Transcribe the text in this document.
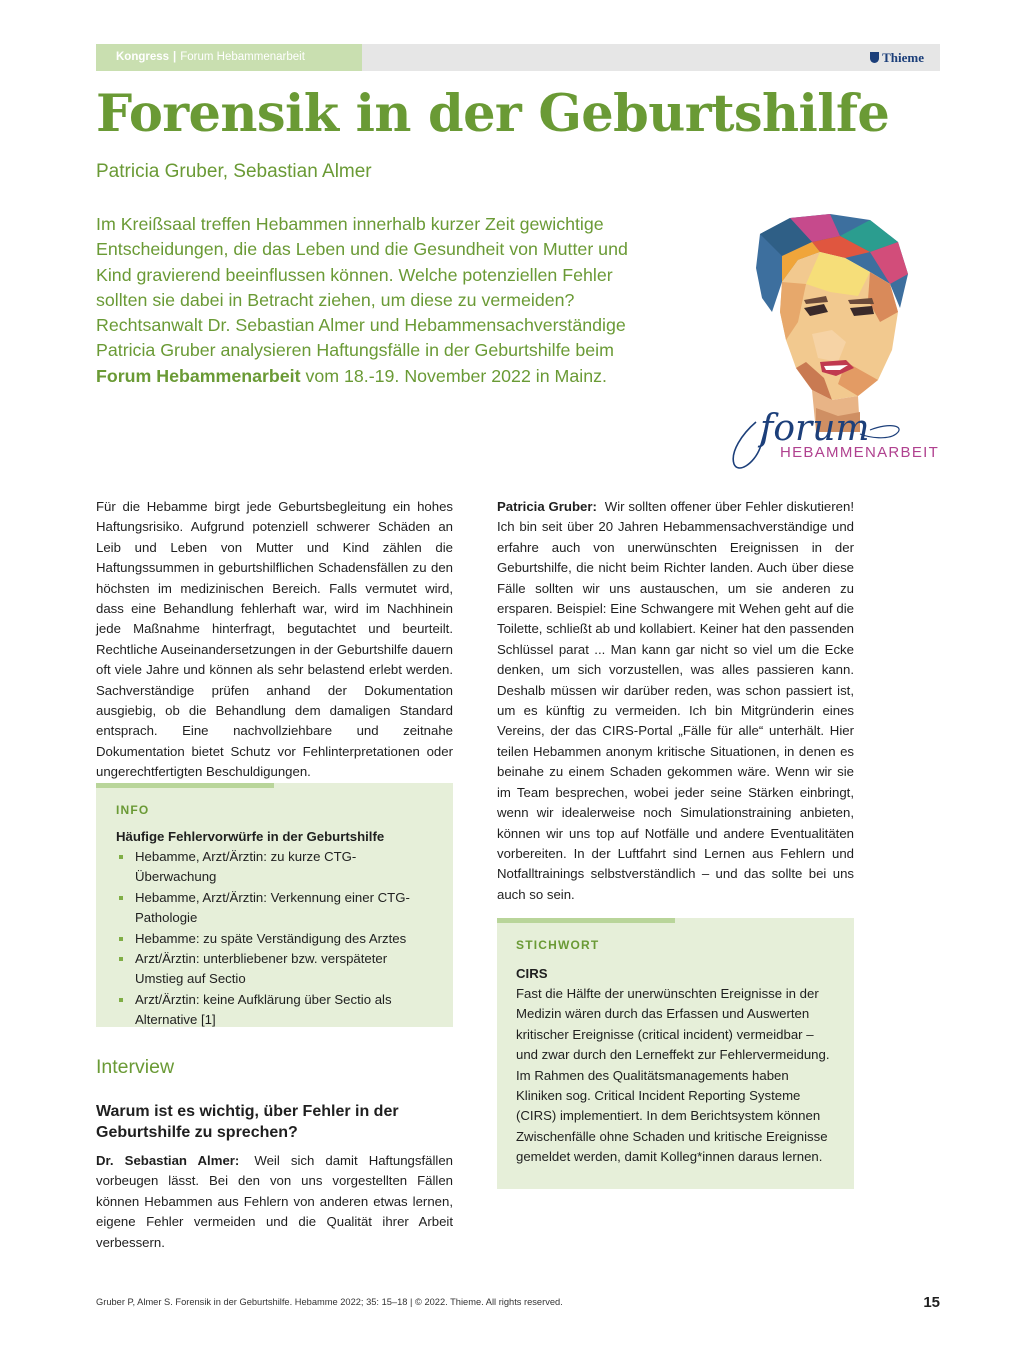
Kongress | Forum Hebammenarbeit	Thieme
Forensik in der Geburtshilfe
Patricia Gruber, Sebastian Almer

Im Kreißsaal treffen Hebammen innerhalb kurzer Zeit gewichtige Entscheidungen, die das Leben und die Gesundheit von Mutter und Kind gravierend beeinflussen können. Welche potenziellen Fehler sollten sie dabei in Betracht ziehen, um diese zu vermeiden? Rechtsanwalt Dr. Sebastian Almer und Hebammensachverständige Patricia Gruber analysieren Haftungsfälle in der Geburtshilfe beim Forum Hebammenarbeit vom 18.-19. November 2022 in Mainz.

forum
HEBAMMENARBEIT

Für die Hebamme birgt jede Geburtsbegleitung ein hohes Haftungsrisiko. Aufgrund potenziell schwerer Schäden an Leib und Leben von Mutter und Kind zählen die Haftungssummen in geburtshilflichen Schadensfällen zu den höchsten im medizinischen Bereich. Falls vermutet wird, dass eine Behandlung fehlerhaft war, wird im Nachhinein jede Maßnahme hinterfragt, begutachtet und beurteilt. Rechtliche Auseinandersetzungen in der Geburtshilfe dauern oft viele Jahre und können als sehr belastend erlebt werden. Sachverständige prüfen anhand der Dokumentation ausgiebig, ob die Behandlung dem damaligen Standard entsprach. Eine nachvollziehbare und zeitnahe Dokumentation bietet Schutz vor Fehlinterpretationen oder ungerechtfertigten Beschuldigungen.

INFO
Häufige Fehlervorwürfe in der Geburtshilfe
Hebamme, Arzt/Ärztin: zu kurze CTG-Überwachung
Hebamme, Arzt/Ärztin: Verkennung einer CTG-Pathologie
Hebamme: zu späte Verständigung des Arztes
Arzt/Ärztin: unterbliebener bzw. verspäteter Umstieg auf Sectio
Arzt/Ärztin: keine Aufklärung über Sectio als Alternative [1]
Interview
Warum ist es wichtig, über Fehler in der Geburtshilfe zu sprechen?

Dr. Sebastian Almer: Weil sich damit Haftungsfällen vorbeugen lässt. Bei den von uns vorgestellten Fällen können Hebammen aus Fehlern von anderen etwas lernen, eigene Fehler vermeiden und die Qualität ihrer Arbeit verbessern.

Patricia Gruber: Wir sollten offener über Fehler diskutieren! Ich bin seit über 20 Jahren Hebammensachverständige und erfahre auch von unerwünschten Ereignissen in der Geburtshilfe, die nicht beim Richter landen. Auch über diese Fälle sollten wir uns austauschen, um sie anderen zu ersparen. Beispiel: Eine Schwangere mit Wehen geht auf die Toilette, schließt ab und kollabiert. Keiner hat den passenden Schlüssel parat ... Man kann gar nicht so viel um die Ecke denken, um sich vorzustellen, was alles passieren kann. Deshalb müssen wir darüber reden, was schon passiert ist, um es künftig zu vermeiden. Ich bin Mitgründerin eines Vereins, der das CIRS-Portal „Fälle für alle“ unterhält. Hier teilen Hebammen anonym kritische Situationen, in denen es beinahe zu einem Schaden gekommen wäre. Wenn wir sie im Team besprechen, wobei jeder seine Stärken einbringt, wenn wir idealerweise noch Simulationstraining anbieten, können wir uns top auf Notfälle und andere Eventualitäten vorbereiten. In der Luftfahrt sind Lernen aus Fehlern und Notfalltrainings selbstverständlich – und das sollte bei uns auch so sein.

STICHWORT
CIRS
Fast die Hälfte der unerwünschten Ereignisse in der Medizin wären durch das Erfassen und Auswerten kritischer Ereignisse (critical incident) vermeidbar – und zwar durch den Lerneffekt zur Fehlervermeidung. Im Rahmen des Qualitätsmanagements haben Kliniken sog. Critical Incident Reporting Systeme (CIRS) implementiert. In dem Berichtsystem können Zwischenfälle ohne Schaden und kritische Ereignisse gemeldet werden, damit Kolleg*innen daraus lernen.
Gruber P, Almer S. Forensik in der Geburtshilfe. Hebamme 2022; 35: 15–18 | © 2022. Thieme. All rights reserved.	15
